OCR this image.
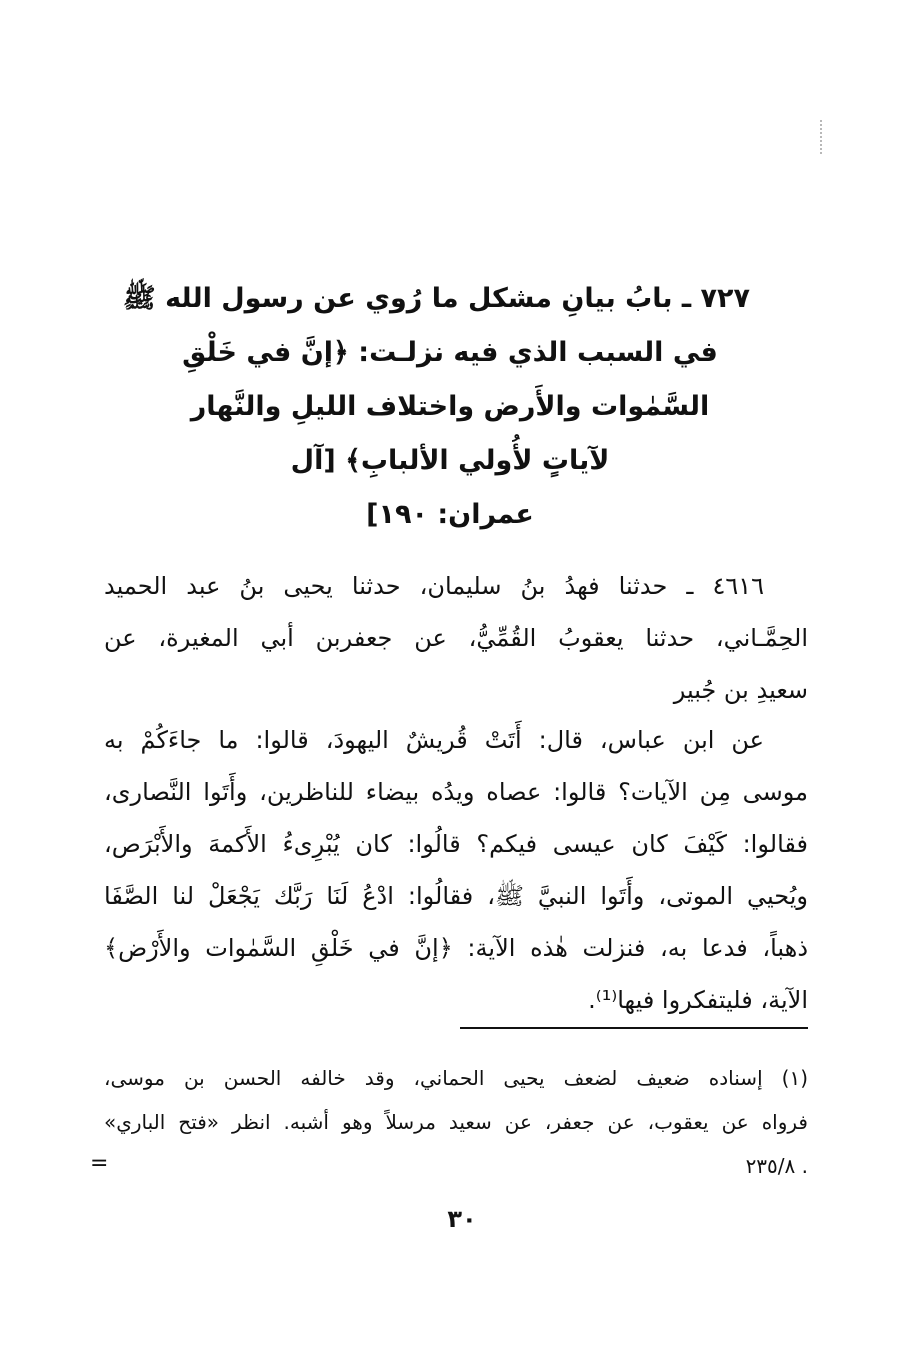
٧٢٧ ـ بابُ بيانِ مشكل ما رُوي عن رسول الله ﷺ
في السبب الذي فيه نزلـت: ﴿إنَّ في خَلْقِ
السَّمٰوات والأَرض واختلاف الليلِ والنَّهار
لآياتٍ لأُولي الألبابِ﴾ [آل
عمران: ١٩٠]
٤٦١٦ ـ حدثنا فهدُ بنُ سليمان، حدثنا يحيى بنُ عبد الحميد
الحِمَّـاني، حدثنا يعقوبُ القُمِّيُّ، عن جعفربن أبي المغيرة، عن
سعيدِ بن جُبير
عن ابن عباس، قال: أَتَتْ قُريشٌ اليهودَ، قالوا: ما جاءَكُمْ به
موسى مِن الآيات؟ قالوا: عصاه ويدُه بيضاء للناظرين، وأَتَوا النَّصارى،
فقالوا: كَيْفَ كان عيسى فيكم؟ قالُوا: كان يُبْرِىءُ الأَكمهَ والأَبْرَص،
ويُحيي الموتى، وأَتَوا النبيَّ ﷺ، فقالُوا: ادْعُ لَنَا رَبَّك يَجْعَلْ لنا الصَّفَا
ذهباً، فدعا به، فنزلت هٰذه الآية: ﴿إنَّ في خَلْقِ السَّمٰوات والأَرْض﴾
الآية، فليتفكروا فيها⁽¹⁾.
(١) إسناده ضعيف لضعف يحيى الحماني، وقد خالفه الحسن بن موسى،
فرواه عن يعقوب، عن جعفر، عن سعيد مرسلاً وهو أشبه. انظر «فتح الباري»
. ٢٣٥/٨
=
٣٠
